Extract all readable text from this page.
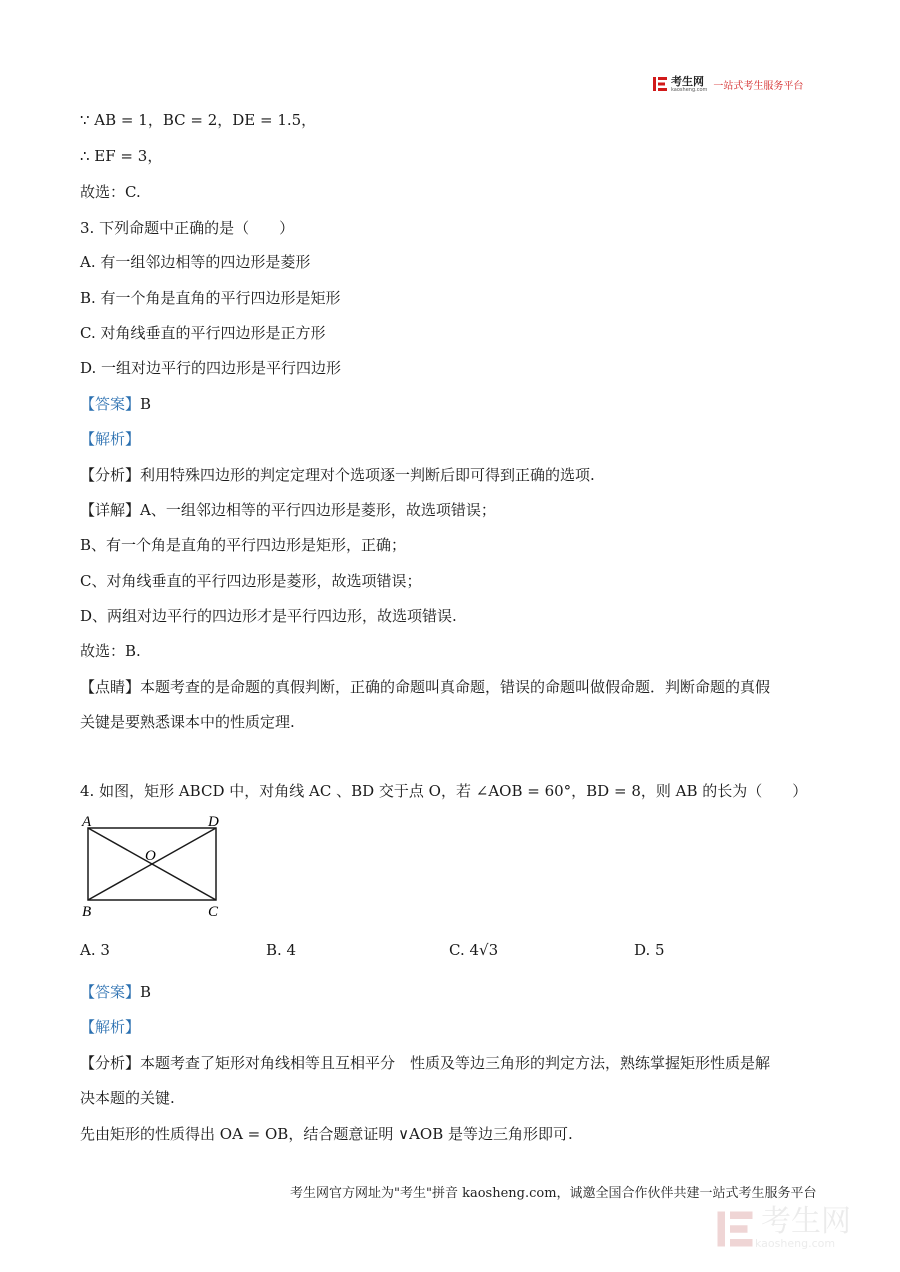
考生网
kaosheng.com 一站式考生服务平台
∵ AB = 1，BC = 2，DE = 1.5，
∴ EF = 3，
故选：C.
3. 下列命题中正确的是（　　）
A. 有一组邻边相等的四边形是菱形
B. 有一个角是直角的平行四边形是矩形
C. 对角线垂直的平行四边形是正方形
D. 一组对边平行的四边形是平行四边形
【答案】B
【解析】
【分析】利用特殊四边形的判定定理对个选项逐一判断后即可得到正确的选项.
【详解】A、一组邻边相等的平行四边形是菱形，故选项错误；
B、有一个角是直角的平行四边形是矩形，正确；
C、对角线垂直的平行四边形是菱形，故选项错误；
D、两组对边平行的四边形才是平行四边形，故选项错误.
故选：B.
【点睛】本题考查的是命题的真假判断，正确的命题叫真命题，错误的命题叫做假命题．判断命题的真假
关键是要熟悉课本中的性质定理.
4. 如图，矩形 ABCD 中，对角线 AC 、BD 交于点 O，若 ∠AOB = 60°，BD = 8，则 AB 的长为（　　）
A	D
B	C
O
A. 3	B. 4	C. 4√3	D. 5
【答案】B
【解析】
【分析】本题考查了矩形对角线相等且互相平分　性质及等边三角形的判定方法，熟练掌握矩形性质是解
决本题的关键.
先由矩形的性质得出 OA = OB，结合题意证明 ∨AOB 是等边三角形即可.
考生网官方网址为"考生"拼音 kaosheng.com，诚邀全国合作伙伴共建一站式考生服务平台
考生网
kaosheng.com
